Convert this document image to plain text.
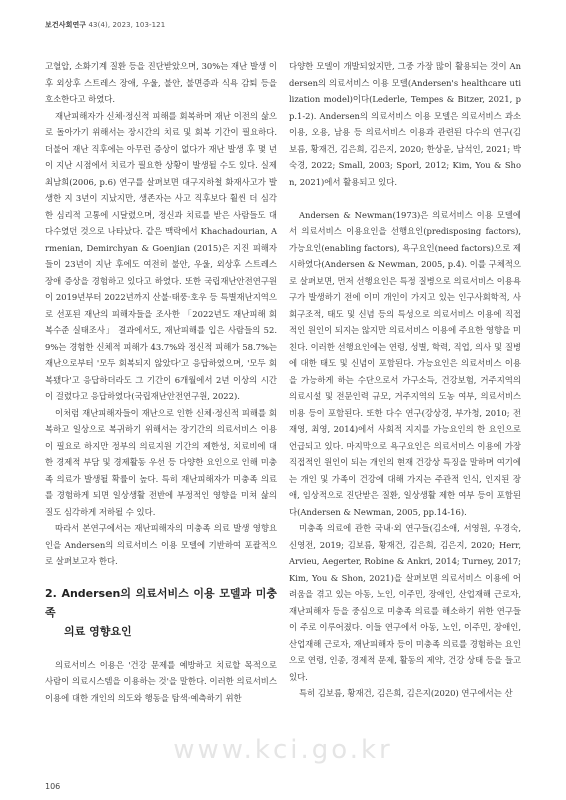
보건사회연구 43(4), 2023, 103-121

고혈압, 소화기계 질환 등을 진단받았으며, 30%는 재난 발생 이후 외상후 스트레스 장애, 우울, 불안, 불면증과 식욕 감퇴 등을 호소한다고 하였다.

재난피해자가 신체·정신적 피해를 회복하며 재난 이전의 삶으로 돌아가기 위해서는 장시간의 치료 및 회복 기간이 필요하다. 더불어 재난 직후에는 아무런 증상이 없다가 재난 발생 후 몇 년이 지난 시점에서 치료가 필요한 상황이 발생될 수도 있다. 실제 최남희(2006, p.6) 연구를 살펴보면 대구지하철 화재사고가 발생한 지 3년이 지났지만, 생존자는 사고 직후보다 훨씬 더 심각한 심리적 고통에 시달렸으며, 정신과 치료를 받은 사람들도 대다수였던 것으로 나타났다. 같은 맥락에서 Khachadourian, Armenian, Demirchyan & Goenjian (2015)은 지진 피해자들이 23년이 지난 후에도 여전히 불안, 우울, 외상후 스트레스 장애 증상을 경험하고 있다고 하였다. 또한 국립재난안전연구원이 2019년부터 2022년까지 산불·태풍·호우 등 특별재난지역으로 선포된 재난의 피해자들을 조사한 「2022년도 재난피해 회복수준 실태조사」 결과에서도, 재난피해를 입은 사람들의 52.9%는 경험한 신체적 피해가 43.7%와 정신적 피해가 58.7%는 재난으로부터 '모두 회복되지 않았다'고 응답하였으며, '모두 회복됐다'고 응답하더라도 그 기간이 6개월에서 2년 이상의 시간이 걸렸다고 응답하였다(국립재난안전연구원, 2022).

이처럼 재난피해자들이 재난으로 인한 신체·정신적 피해를 회복하고 일상으로 복귀하기 위해서는 장기간의 의료서비스 이용이 필요로 하지만 정부의 의료지원 기간의 제한성, 치료비에 대한 경제적 부담 및 경제활동 우선 등 다양한 요인으로 인해 미충족 의료가 발생될 확률이 높다. 특히 재난피해자가 미충족 의료를 경험하게 되면 일상생활 전반에 부정적인 영향을 미쳐 삶의 질도 심각하게 저하될 수 있다.

따라서 본연구에서는 재난피해자의 미충족 의료 발생 영향요인을 Andersen의 의료서비스 이용 모델에 기반하여 포괄적으로 살펴보고자 한다.

2. Andersen의 의료서비스 이용 모델과 미충족
의료 영향요인

의료서비스 이용은 '건강 문제를 예방하고 치료할 목적으로 사람이 의료시스템을 이용하는 것'을 말한다. 이러한 의료서비스 이용에 대한 개인의 의도와 행동을 탐색·예측하기 위한

다양한 모델이 개발되었지만, 그중 가장 많이 활용되는 것이 Andersen의 의료서비스 이용 모델(Andersen's healthcare utilization model)이다(Lederle, Tempes & Bitzer, 2021, pp.1-2). Andersen의 의료서비스 이용 모델은 의료서비스 과소이용, 오용, 남용 등 의료서비스 이용과 관련된 다수의 연구(김보름, 황재건, 김은희, 김은지, 2020; 한상윤, 남석인, 2021; 박숙경, 2022; Small, 2003; Sporl, 2012; Kim, You & Shon, 2021)에서 활용되고 있다.

Andersen & Newman(1973)은 의료서비스 이용 모델에서 의료서비스 이용요인을 선행요인(predisposing factors), 가능요인(enabling factors), 욕구요인(need factors)으로 제시하였다(Andersen & Newman, 2005, p.4). 이를 구체적으로 살펴보면, 먼저 선행요인은 특정 질병으로 의료서비스 이용욕구가 발생하기 전에 이미 개인이 가지고 있는 인구사회학적, 사회구조적, 태도 및 신념 등의 특성으로 의료서비스 이용에 직접적인 원인이 되지는 않지만 의료서비스 이용에 주요한 영향을 미친다. 이러한 선행요인에는 연령, 성별, 학력, 직업, 의사 및 질병에 대한 태도 및 신념이 포함된다. 가능요인은 의료서비스 이용을 가능하게 하는 수단으로서 가구소득, 건강보험, 거주지역의 의료시설 및 전문인력 규모, 거주지역의 도농 여부, 의료서비스 비용 등이 포함된다. 또한 다수 연구(강상경, 부가청, 2010; 전재영, 최영, 2014)에서 사회적 지지를 가능요인의 한 요인으로 언급되고 있다. 마지막으로 욕구요인은 의료서비스 이용에 가장 직접적인 원인이 되는 개인의 현재 건강상 특징을 말하며 여기에는 개인 및 가족이 건강에 대해 가지는 주관적 인식, 인지된 장애, 임상적으로 진단받은 질환, 일상생활 제한 여부 등이 포함된다(Andersen & Newman, 2005, pp.14-16).

미충족 의료에 관한 국내·외 연구들(김소애, 서영원, 우경숙, 신영전, 2019; 김보름, 황재건, 김은희, 김은지, 2020; Herr, Arvieu, Aegerter, Robine & Ankri, 2014; Turney, 2017; Kim, You & Shon, 2021)을 살펴보면 의료서비스 이용에 어려움을 겪고 있는 아동, 노인, 이주민, 장애인, 산업재해 근로자, 재난피해자 등을 중심으로 미충족 의료를 해소하기 위한 연구들이 주로 이루어졌다. 이들 연구에서 아동, 노인, 이주민, 장애인, 산업재해 근로자, 재난피해자 등이 미충족 의료를 경험하는 요인으로 연령, 인종, 경제적 문제, 활동의 제약, 건강 상태 등을 들고 있다.

특히 김보름, 황재건, 김은희, 김은지(2020) 연구에서는 산

www.kci.go.kr
106
